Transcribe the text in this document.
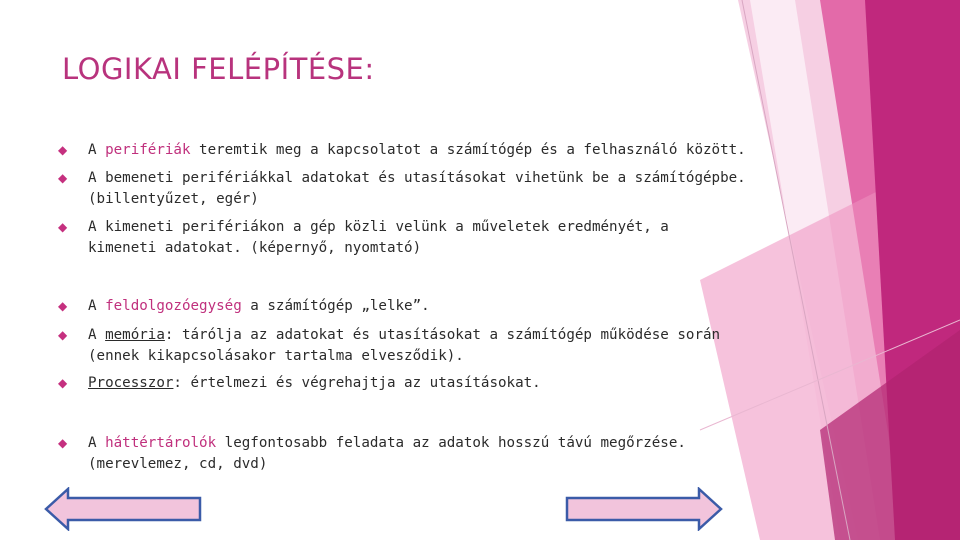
LOGIKAI FELÉPÍTÉSE:
◆ A perifériák teremtik meg a kapcsolatot a számítógép és a felhasználó között.
◆ A bemeneti perifériákkal adatokat és utasításokat vihetünk be a számítógépbe.
(billentyűzet, egér)
◆ A kimeneti perifériákon a gép közli velünk a műveletek eredményét, a
kimeneti adatokat. (képernyő, nyomtató)
◆ A feldolgozóegység a számítógép „lelke”.
◆ A memória: tárólja az adatokat és utasításokat a számítógép működése során
(ennek kikapcsolásakor tartalma elvesződik).
◆ Processzor: értelmezi és végrehajtja az utasításokat.
◆ A háttértárolók legfontosabb feladata az adatok hosszú távú megőrzése.
(merevlemez, cd, dvd)
